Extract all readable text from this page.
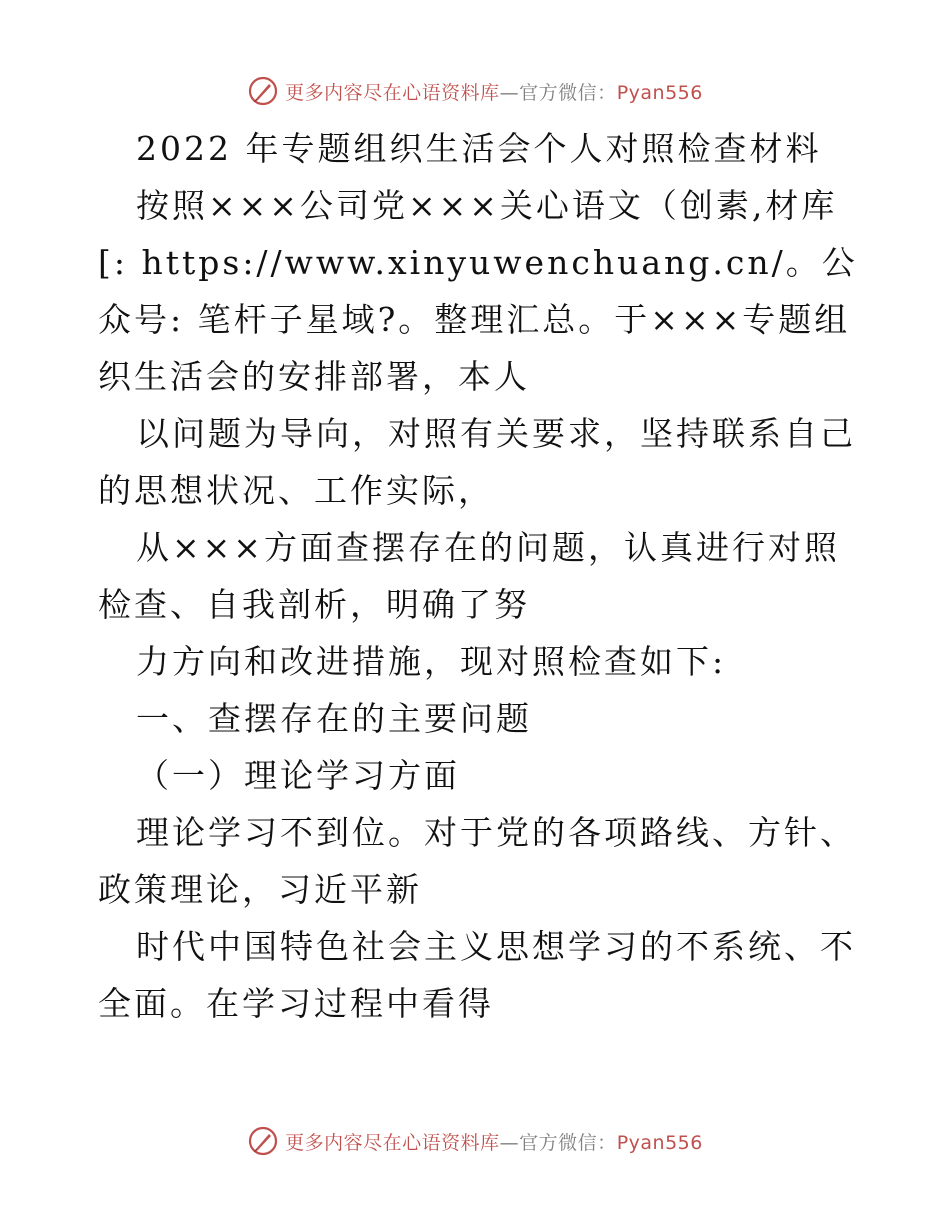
更多内容尽在心语资料库—官方微信：Pyan556

2022 年专题组织生活会个人对照检查材料

按照×××公司党×××关心语文（创素,材库[: https://www.xinyuwenchuang.cn/。公众号: 笔杆子星域?。整理汇总。于×××专题组织生活会的安排部署，本人

以问题为导向，对照有关要求，坚持联系自己的思想状况、工作实际，

从×××方面查摆存在的问题，认真进行对照检查、自我剖析，明确了努

力方向和改进措施，现对照检查如下:

一、查摆存在的主要问题

（一）理论学习方面

理论学习不到位。对于党的各项路线、方针、政策理论，习近平新

时代中国特色社会主义思想学习的不系统、不全面。在学习过程中看得

更多内容尽在心语资料库—官方微信：Pyan556
